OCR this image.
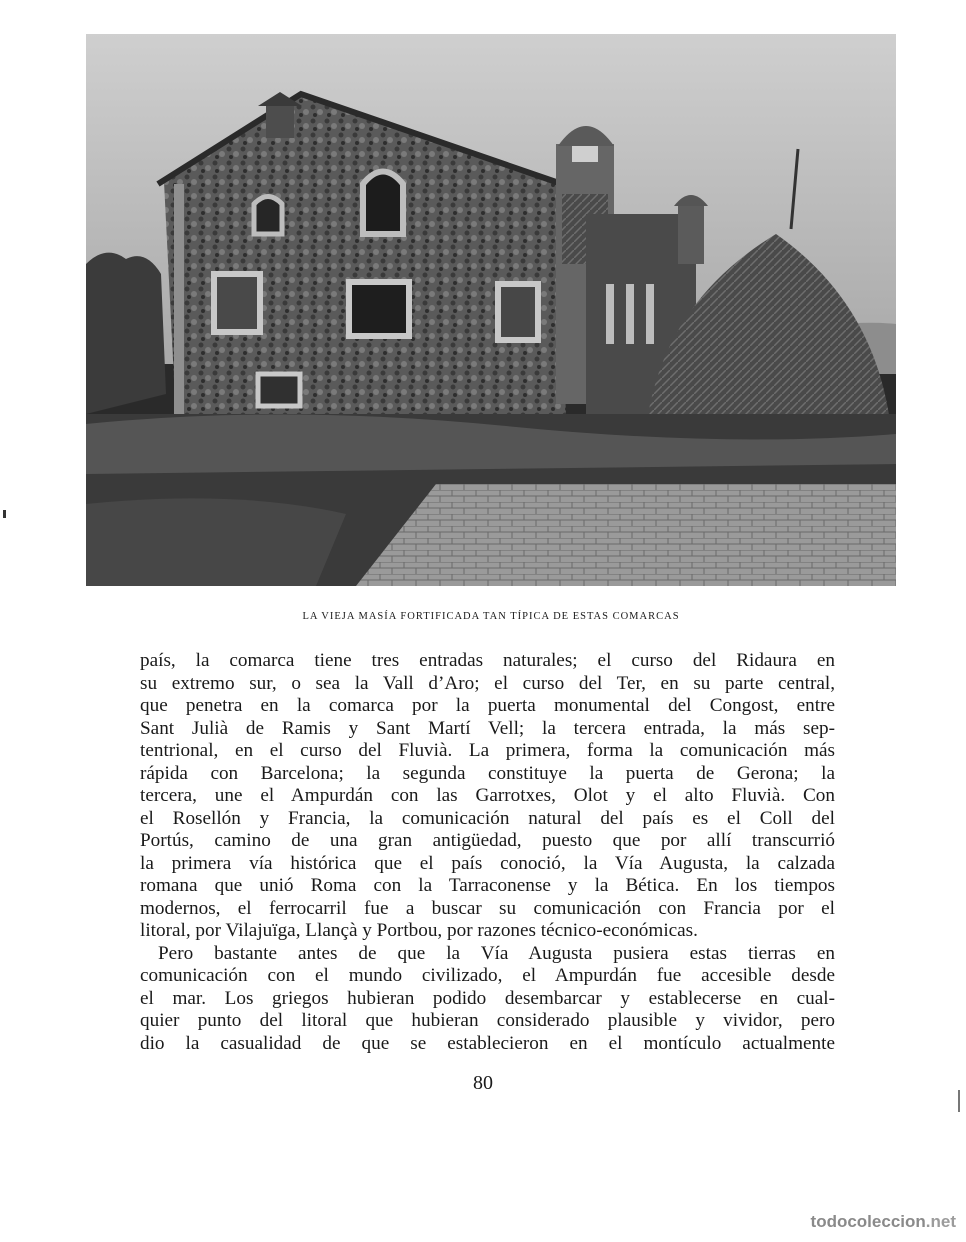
LA VIEJA MASÍA FORTIFICADA TAN TÍPICA DE ESTAS COMARCAS
país, la comarca tiene tres entradas naturales; el curso del Ridaura en
su extremo sur, o sea la Vall d’Aro; el curso del Ter, en su parte central,
que penetra en la comarca por la puerta monumental del Congost, entre
Sant Julià de Ramis y Sant Martí Vell; la tercera entrada, la más sep-
tentrional, en el curso del Fluvià. La primera, forma la comunicación más
rápida con Barcelona; la segunda constituye la puerta de Gerona; la
tercera, une el Ampurdán con las Garrotxes, Olot y el alto Fluvià. Con
el Rosellón y Francia, la comunicación natural del país es el Coll del
Portús, camino de una gran antigüedad, puesto que por allí transcurrió
la primera vía histórica que el país conoció, la Vía Augusta, la calzada
romana que unió Roma con la Tarraconense y la Bética. En los tiempos
modernos, el ferrocarril fue a buscar su comunicación con Francia por el
litoral, por Vilajuïga, Llançà y Portbou, por razones técnico-económicas.
Pero bastante antes de que la Vía Augusta pusiera estas tierras en
comunicación con el mundo civilizado, el Ampurdán fue accesible desde
el mar. Los griegos hubieran podido desembarcar y establecerse en cual-
quier punto del litoral que hubieran considerado plausible y vividor, pero
dio la casualidad de que se establecieron en el montículo actualmente
80
todocoleccion.net
